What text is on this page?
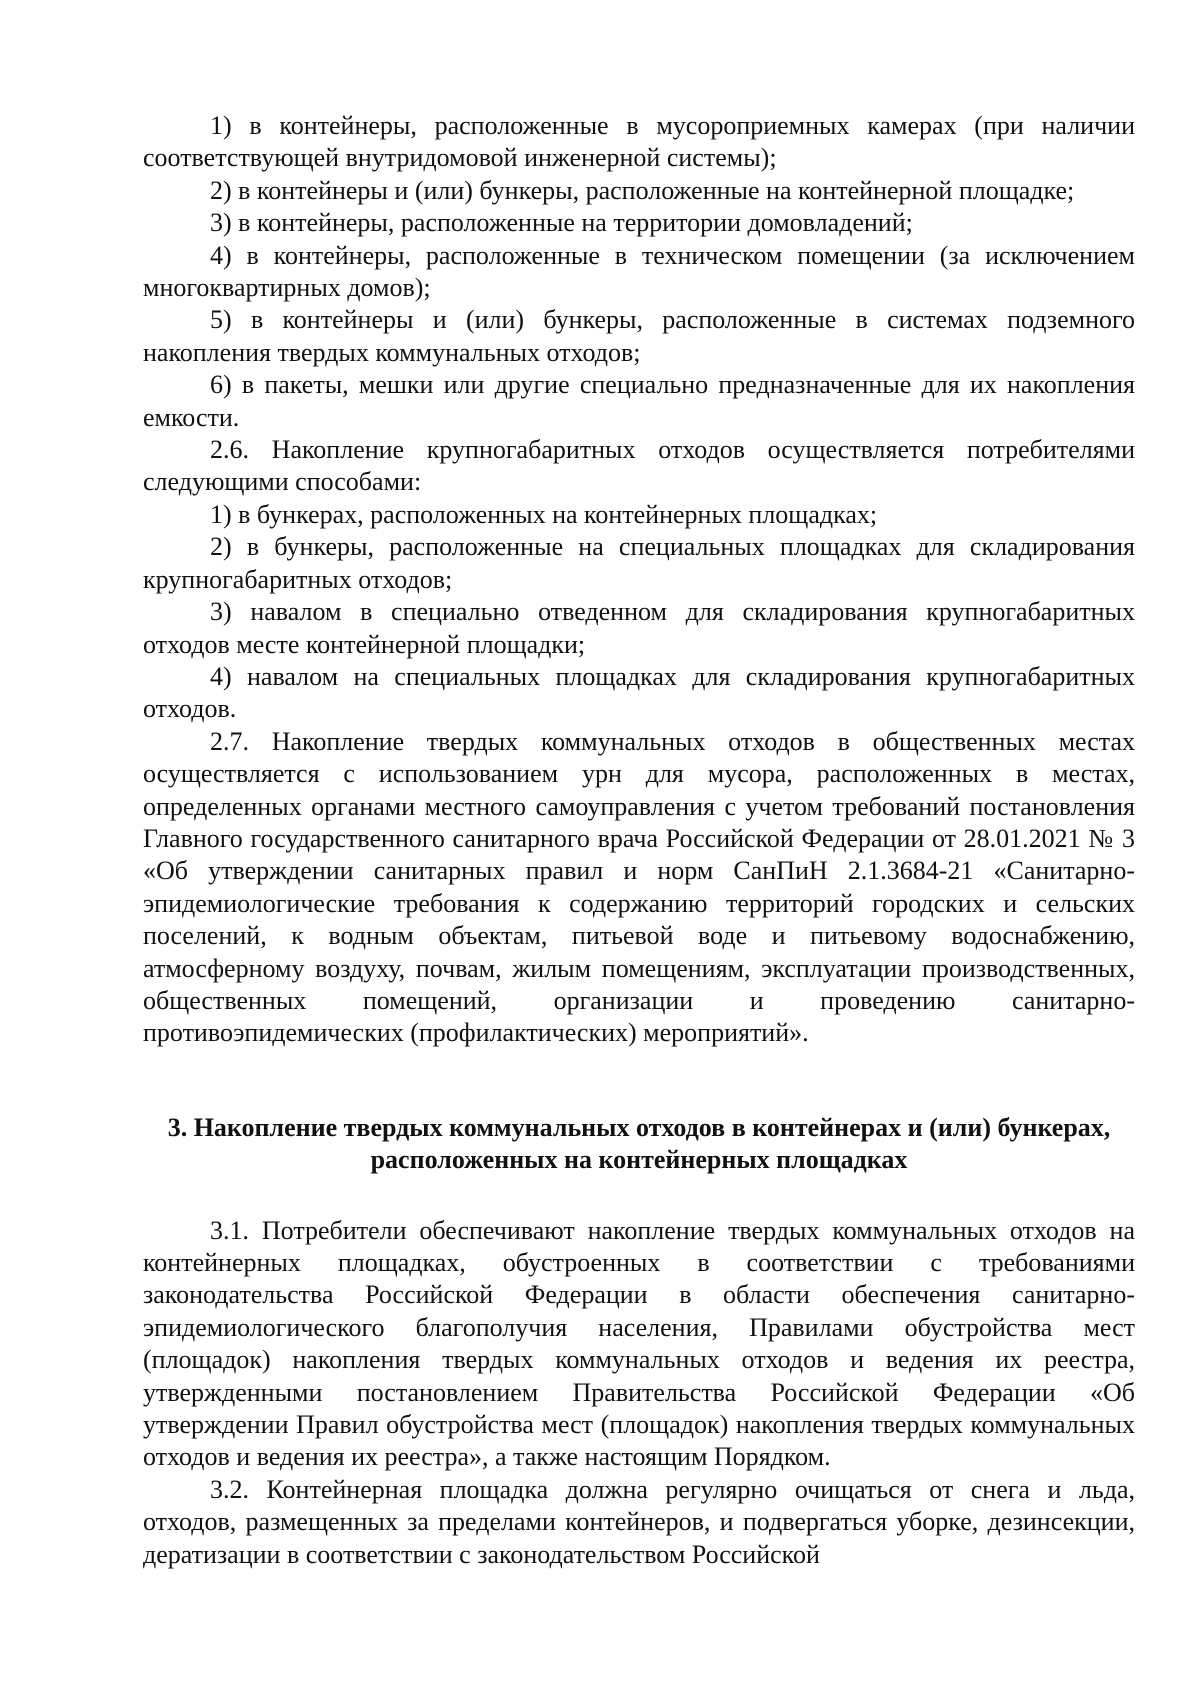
1) в контейнеры, расположенные в мусороприемных камерах (при наличии соответствующей внутридомовой инженерной системы);

2) в контейнеры и (или) бункеры, расположенные на контейнерной площадке;

3) в контейнеры, расположенные на территории домовладений;

4) в контейнеры, расположенные в техническом помещении (за исключением многоквартирных домов);

5) в контейнеры и (или) бункеры, расположенные в системах подземного накопления твердых коммунальных отходов;

6) в пакеты, мешки или другие специально предназначенные для их накопления емкости.

2.6. Накопление крупногабаритных отходов осуществляется потребителями следующими способами:

1) в бункерах, расположенных на контейнерных площадках;

2) в бункеры, расположенные на специальных площадках для складирования крупногабаритных отходов;

3) навалом в специально отведенном для складирования крупногабаритных отходов месте контейнерной площадки;

4) навалом на специальных площадках для складирования крупногабаритных отходов.

2.7. Накопление твердых коммунальных отходов в общественных местах осуществляется с использованием урн для мусора, расположенных в местах, определенных органами местного самоуправления с учетом требований постановления Главного государственного санитарного врача Российской Федерации от 28.01.2021 № 3 «Об утверждении санитарных правил и норм СанПиН 2.1.3684-21 «Санитарно-эпидемиологические требования к содержанию территорий городских и сельских поселений, к водным объектам, питьевой воде и питьевому водоснабжению, атмосферному воздуху, почвам, жилым помещениям, эксплуатации производственных, общественных помещений, организации и проведению санитарно-противоэпидемических (профилактических) мероприятий».

3. Накопление твердых коммунальных отходов в контейнерах и (или) бункерах,
расположенных на контейнерных площадках

3.1. Потребители обеспечивают накопление твердых коммунальных отходов на контейнерных площадках, обустроенных в соответствии с требованиями законодательства Российской Федерации в области обеспечения санитарно-эпидемиологического благополучия населения, Правилами обустройства мест (площадок) накопления твердых коммунальных отходов и ведения их реестра, утвержденными постановлением Правительства Российской Федерации «Об утверждении Правил обустройства мест (площадок) накопления твердых коммунальных отходов и ведения их реестра», а также настоящим Порядком.

3.2. Контейнерная площадка должна регулярно очищаться от снега и льда, отходов, размещенных за пределами контейнеров, и подвергаться уборке, дезинсекции, дератизации в соответствии с законодательством Российской
